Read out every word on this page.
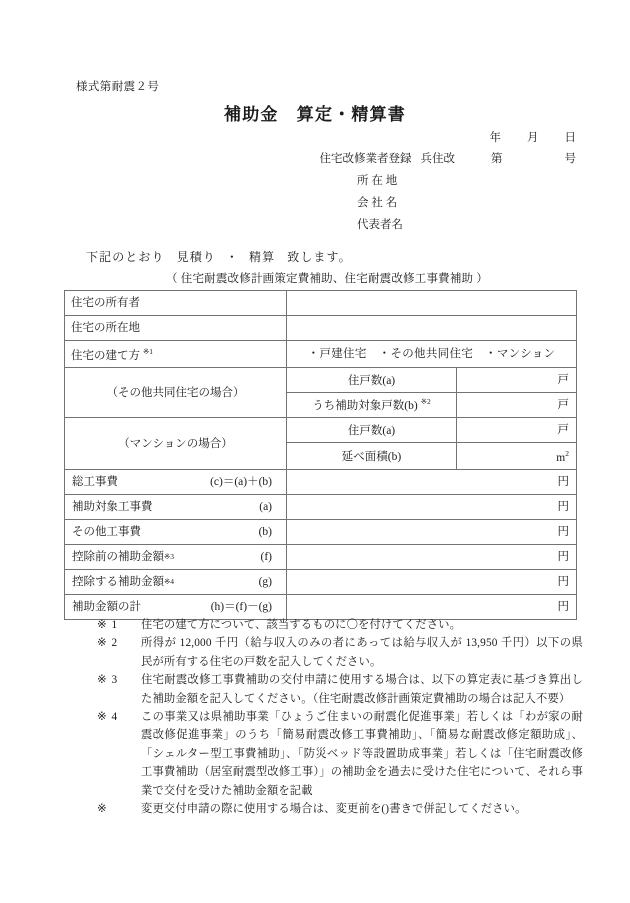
様式第耐震２号
補助金　算定・精算書
年 月 日
住宅改修業者登録 兵住改	第	号
所 在 地
会 社 名
代表者名
下記のとおり 見積り ・ 精算 致します。
（ 住宅耐震改修計画策定費補助、住宅耐震改修工事費補助 ）
住宅の所有者		

住宅の所在地		

住宅の建て方 $^{※1}$	・戸建住宅 ・その他共同住宅 ・マンション	

（その他共同住宅の場合）	住戸数(a)	戸

	うち補助対象戸数(b) $^{※2}$	戸

（マンションの場合）	住戸数(a)	戸

	延べ面積(b)	$m^2$

総工事費 (c)＝(a)＋(b)	円	

補助対象工事費 (a)	円	

その他工事費 (b)	円	

控除前の補助金額 ※3 (f)	円	

控除する補助金額 ※4 (g)	円	

補助金額の計 (h)＝(f)－(g)	円	
※ 1	住宅の建て方について、該当するものに〇を付けてください。
※ 2	所得が 12,000 千円（給与収入のみの者にあっては給与収入が 13,950 千円）以下の県民が所有する住宅の戸数を記入してください。
※ 3	住宅耐震改修工事費補助の交付申請に使用する場合は、以下の算定表に基づき算出した補助金額を記入してください。（住宅耐震改修計画策定費補助の場合は記入不要）
※ 4	この事業又は県補助事業「ひょうご住まいの耐震化促進事業」若しくは「わが家の耐震改修促進事業」のうち「簡易耐震改修工事費補助」、「簡易な耐震改修定額助成」、「シェルター型工事費補助」、「防災ベッド等設置助成事業」若しくは「住宅耐震改修工事費補助（居室耐震型改修工事）」の補助金を過去に受けた住宅について、それら事業で交付を受けた補助金額を記載
※	変更交付申請の際に使用する場合は、変更前を()書きで併記してください。
